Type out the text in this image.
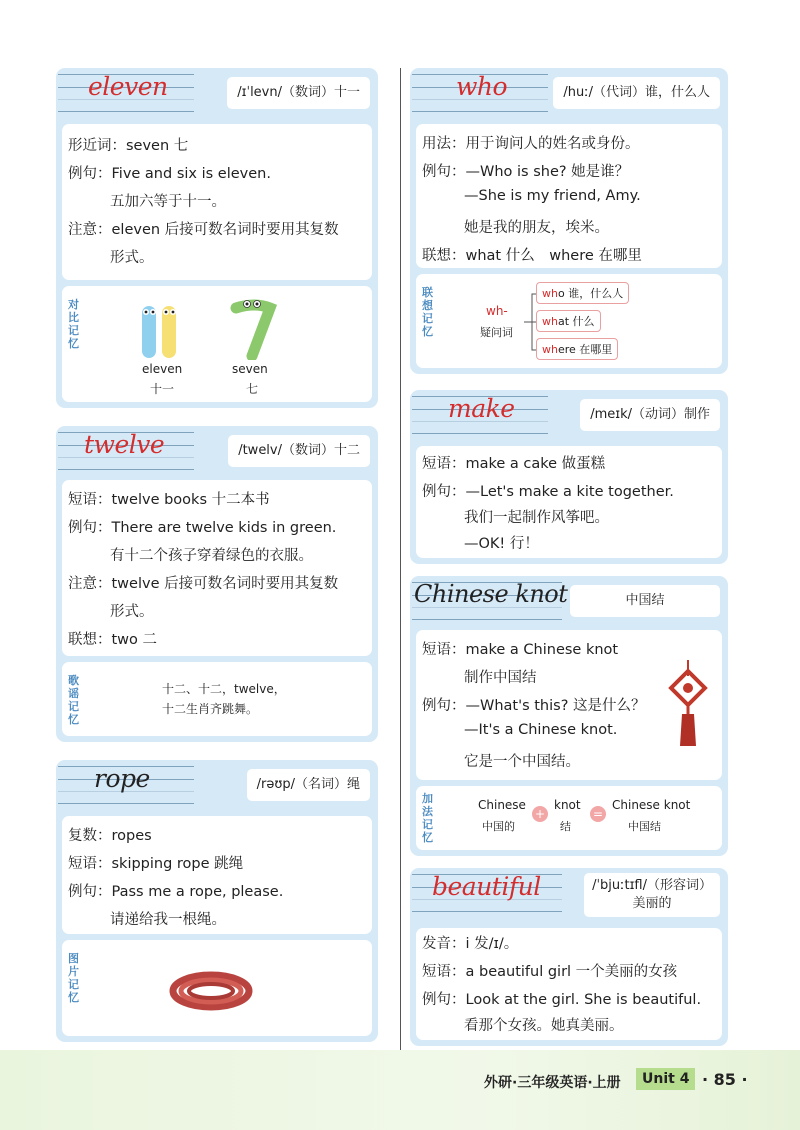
eleven	/ɪˈlevn/（数词）十一
形近词：seven 七
例句：Five and six is eleven.
五加六等于十一。
注意：eleven 后接可数名词时要用其复数
形式。
对比记忆
eleven
十一
seven
七
twelve	/twelv/（数词）十二
短语：twelve books 十二本书
例句：There are twelve kids in green.
有十二个孩子穿着绿色的衣服。
注意：twelve 后接可数名词时要用其复数
形式。
联想：two 二
歌谣记忆
十二、十二，twelve，
十二生肖齐跳舞。
rope	/rəʊp/（名词）绳
复数：ropes
短语：skipping rope 跳绳
例句：Pass me a rope, please.
请递给我一根绳。
图片记忆
who	/huː/（代词）谁，什么人
用法：用于询问人的姓名或身份。
例句：—Who is she? 她是谁？
—She is my friend, Amy.
她是我的朋友，埃米。
联想：what 什么　where 在哪里
联想记忆
wh-
疑问词
who 谁，什么人
what 什么
where 在哪里
make	/meɪk/（动词）制作
短语：make a cake 做蛋糕
例句：—Let's make a kite together.
我们一起制作风筝吧。
—OK! 行！
Chinese knot	中国结
短语：make a Chinese knot
制作中国结
例句：—What's this? 这是什么？
—It's a Chinese knot.
它是一个中国结。
加法记忆
Chinese
中国的
+
knot
结
=
Chinese knot
中国结
beautiful	/ˈbjuːtɪfl/（形容词）
美丽的
发音：i 发/ɪ/。
短语：a beautiful girl 一个美丽的女孩
例句：Look at the girl. She is beautiful.
看那个女孩。她真美丽。
外研·三年级英语·上册	Unit 4 · 85 ·
